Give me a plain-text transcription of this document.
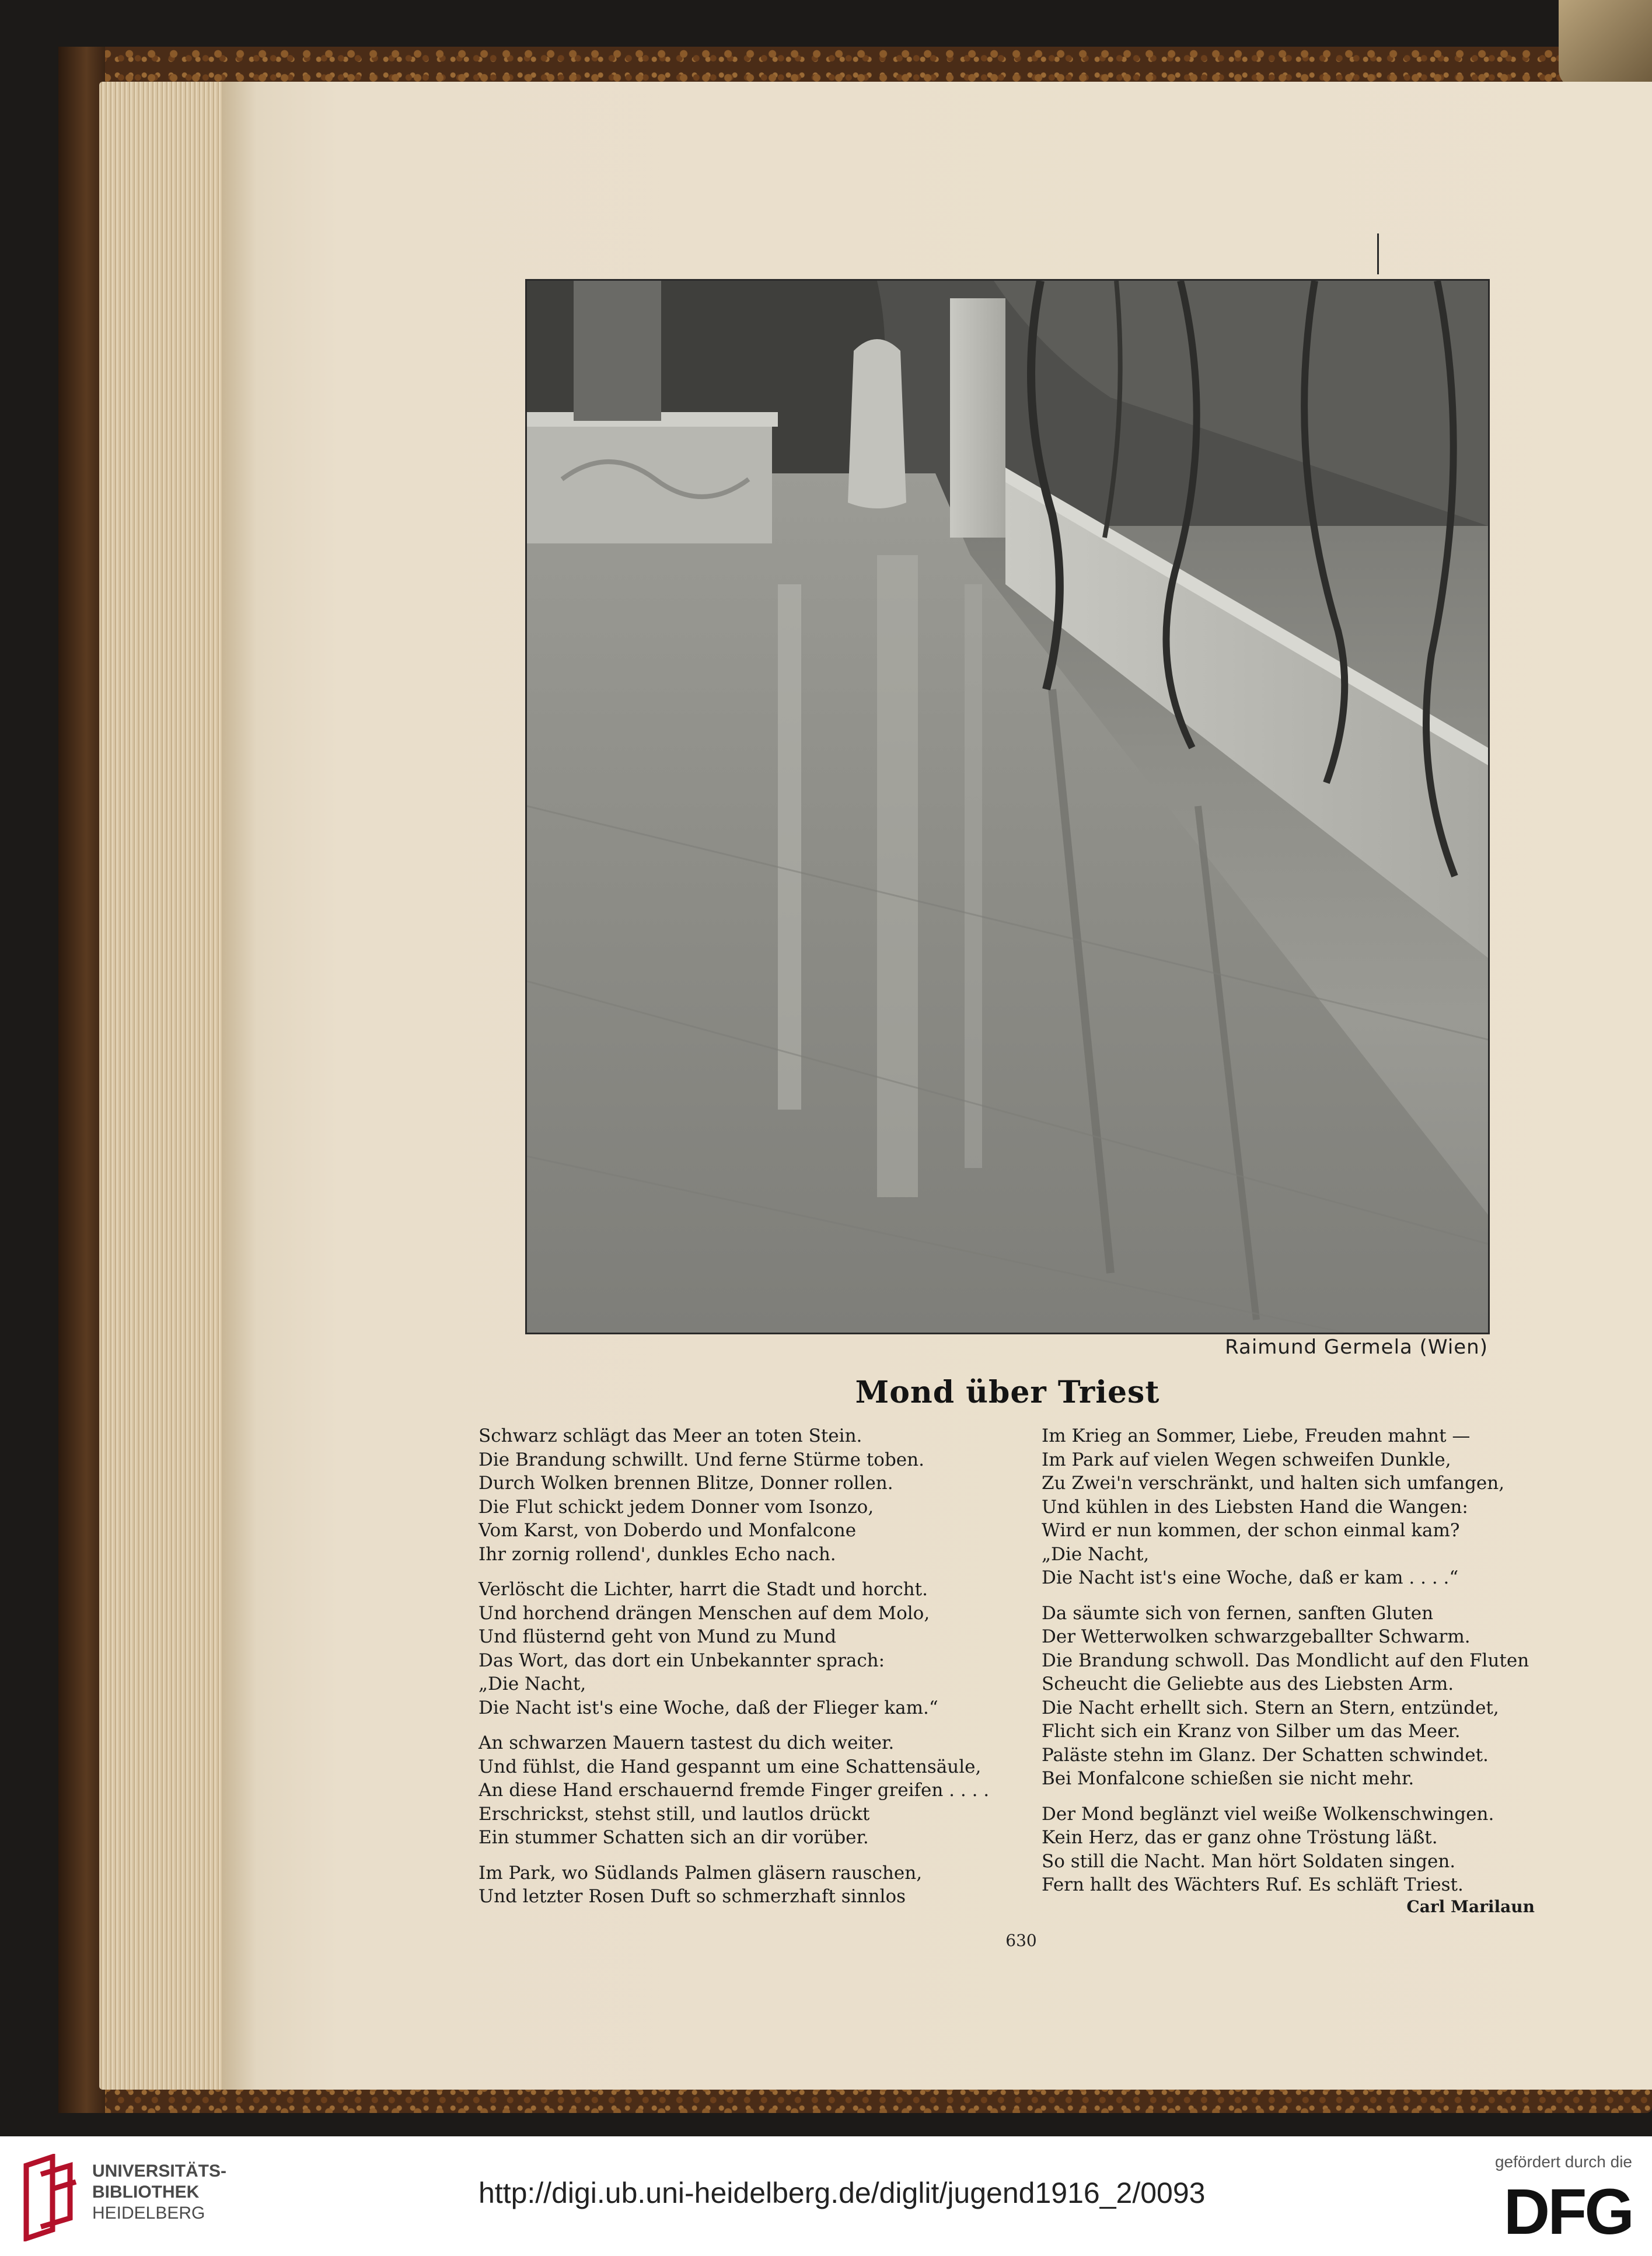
Raimund Germela (Wien)
Mond über Triest
Schwarz schlägt das Meer an toten Stein.
Die Brandung schwillt. Und ferne Stürme toben.
Durch Wolken brennen Blitze, Donner rollen.
Die Flut schickt jedem Donner vom Isonzo,
Vom Karst, von Doberdo und Monfalcone
Ihr zornig rollend', dunkles Echo nach.
Verlöscht die Lichter, harrt die Stadt und horcht.
Und horchend drängen Menschen auf dem Molo,
Und flüsternd geht von Mund zu Mund
Das Wort, das dort ein Unbekannter sprach:
„Die Nacht,
Die Nacht ist's eine Woche, daß der Flieger kam.“
An schwarzen Mauern tastest du dich weiter.
Und fühlst, die Hand gespannt um eine Schattensäule,
An diese Hand erschauernd fremde Finger greifen . . . .
Erschrickst, stehst still, und lautlos drückt
Ein stummer Schatten sich an dir vorüber.
Im Park, wo Südlands Palmen gläsern rauschen,
Und letzter Rosen Duft so schmerzhaft sinnlos
Im Krieg an Sommer, Liebe, Freuden mahnt —
Im Park auf vielen Wegen schweifen Dunkle,
Zu Zwei'n verschränkt, und halten sich umfangen,
Und kühlen in des Liebsten Hand die Wangen:
Wird er nun kommen, der schon einmal kam?
„Die Nacht,
Die Nacht ist's eine Woche, daß er kam . . . .“
Da säumte sich von fernen, sanften Gluten
Der Wetterwolken schwarzgeballter Schwarm.
Die Brandung schwoll. Das Mondlicht auf den Fluten
Scheucht die Geliebte aus des Liebsten Arm.
Die Nacht erhellt sich. Stern an Stern, entzündet,
Flicht sich ein Kranz von Silber um das Meer.
Paläste stehn im Glanz. Der Schatten schwindet.
Bei Monfalcone schießen sie nicht mehr.
Der Mond beglänzt viel weiße Wolkenschwingen.
Kein Herz, das er ganz ohne Tröstung läßt.
So still die Nacht. Man hört Soldaten singen.
Fern hallt des Wächters Ruf. Es schläft Triest.
Carl Marilaun
630
UNIVERSITÄTS-
BIBLIOTHEK
HEIDELBERG
http://digi.ub.uni-heidelberg.de/diglit/jugend1916_2/0093
gefördert durch die
DFG
